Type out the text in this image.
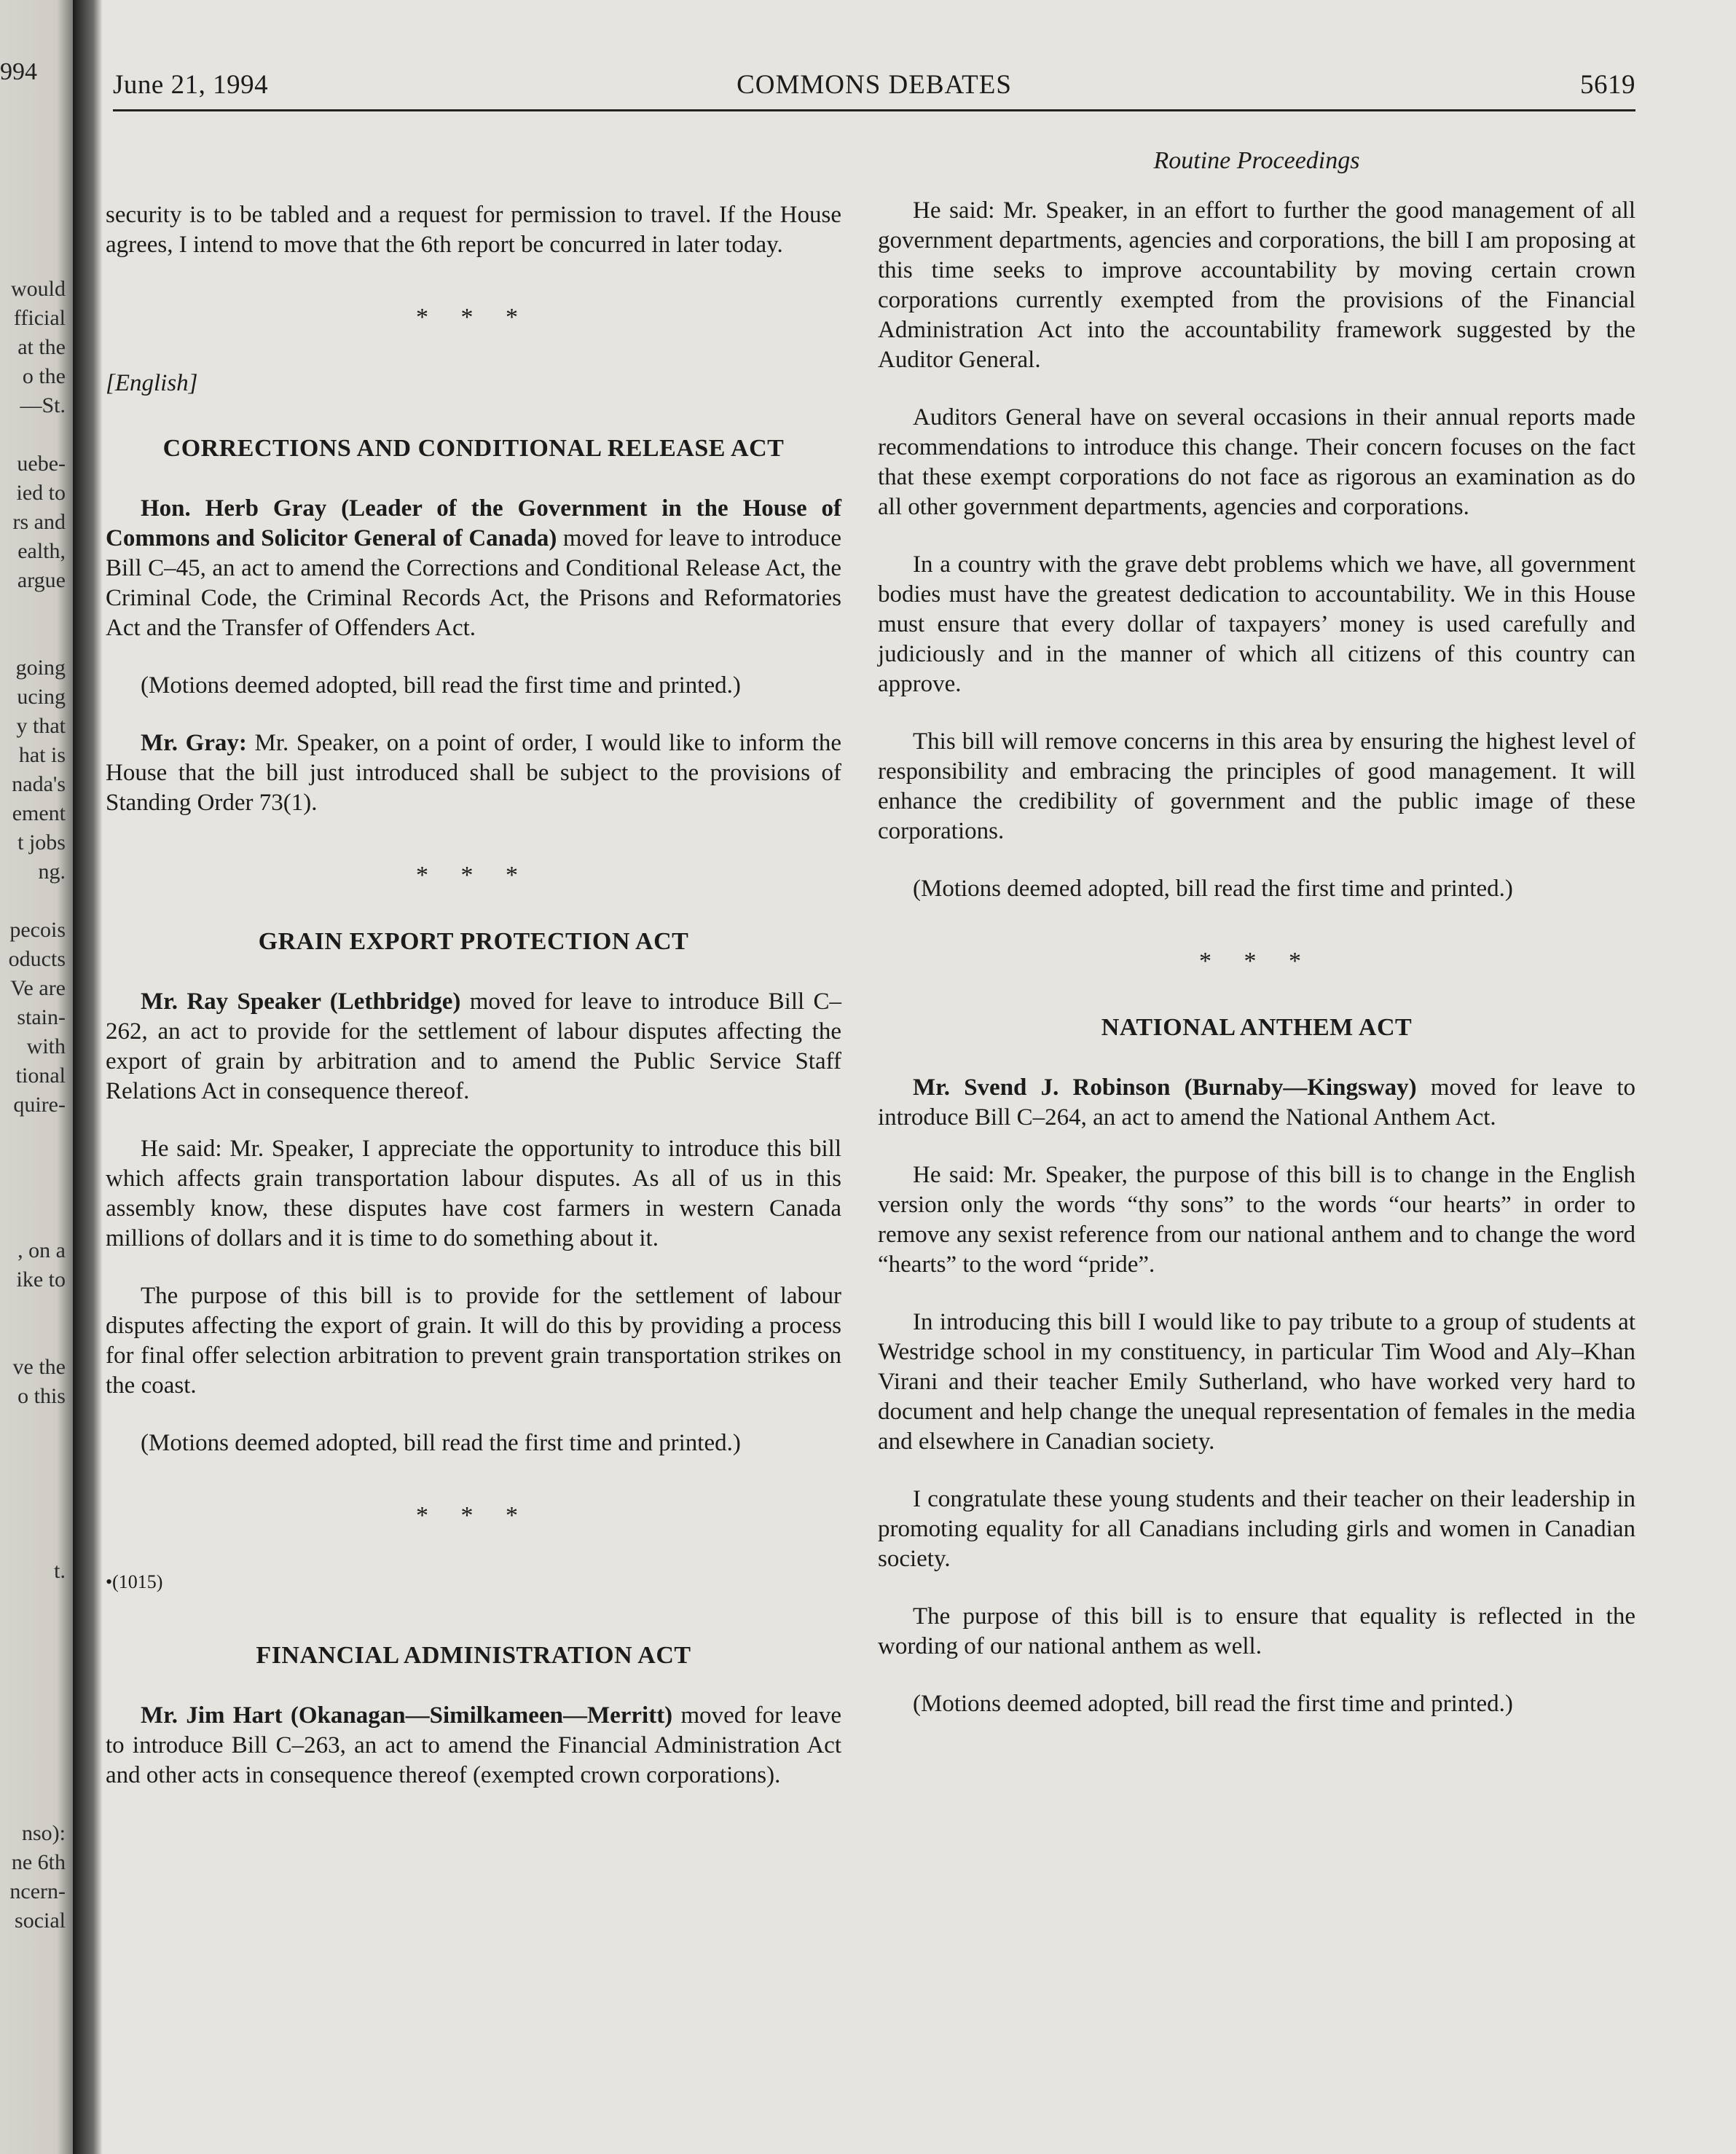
994
would
fficial
at the
o the
—St.
uebe-
ied to
rs and
ealth,
argue
going
ucing
y that
hat is
nada's
ement
t jobs
ng.
pecois
oducts
Ve are
stain-
with
tional
quire-
, on a
ike to
ve the
o this
t.
nso):
ne 6th
ncern-
social
June 21, 1994	COMMONS DEBATES	5619

security is to be tabled and a request for permission to travel. If the House agrees, I intend to move that the 6th report be concurred in later today.

* * *
[English]
CORRECTIONS AND CONDITIONAL RELEASE ACT

Hon. Herb Gray (Leader of the Government in the House of Commons and Solicitor General of Canada) moved for leave to introduce Bill C–45, an act to amend the Corrections and Conditional Release Act, the Criminal Code, the Criminal Records Act, the Prisons and Reformatories Act and the Transfer of Offenders Act.

(Motions deemed adopted, bill read the first time and printed.)

Mr. Gray: Mr. Speaker, on a point of order, I would like to inform the House that the bill just introduced shall be subject to the provisions of Standing Order 73(1).

* * *
GRAIN EXPORT PROTECTION ACT

Mr. Ray Speaker (Lethbridge) moved for leave to introduce Bill C–262, an act to provide for the settlement of labour disputes affecting the export of grain by arbitration and to amend the Public Service Staff Relations Act in consequence thereof.

He said: Mr. Speaker, I appreciate the opportunity to introduce this bill which affects grain transportation labour disputes. As all of us in this assembly know, these disputes have cost farmers in western Canada millions of dollars and it is time to do something about it.

The purpose of this bill is to provide for the settlement of labour disputes affecting the export of grain. It will do this by providing a process for final offer selection arbitration to prevent grain transportation strikes on the coast.

(Motions deemed adopted, bill read the first time and printed.)

* * *
•(1015)
FINANCIAL ADMINISTRATION ACT

Mr. Jim Hart (Okanagan—Similkameen—Merritt) moved for leave to introduce Bill C–263, an act to amend the Financial Administration Act and other acts in consequence thereof (exempted crown corporations).

Routine Proceedings

He said: Mr. Speaker, in an effort to further the good management of all government departments, agencies and corporations, the bill I am proposing at this time seeks to improve accountability by moving certain crown corporations currently exempted from the provisions of the Financial Administration Act into the accountability framework suggested by the Auditor General.

Auditors General have on several occasions in their annual reports made recommendations to introduce this change. Their concern focuses on the fact that these exempt corporations do not face as rigorous an examination as do all other government departments, agencies and corporations.

In a country with the grave debt problems which we have, all government bodies must have the greatest dedication to accountability. We in this House must ensure that every dollar of taxpayers’ money is used carefully and judiciously and in the manner of which all citizens of this country can approve.

This bill will remove concerns in this area by ensuring the highest level of responsibility and embracing the principles of good management. It will enhance the credibility of government and the public image of these corporations.

(Motions deemed adopted, bill read the first time and printed.)

* * *
NATIONAL ANTHEM ACT

Mr. Svend J. Robinson (Burnaby—Kingsway) moved for leave to introduce Bill C–264, an act to amend the National Anthem Act.

He said: Mr. Speaker, the purpose of this bill is to change in the English version only the words “thy sons” to the words “our hearts” in order to remove any sexist reference from our national anthem and to change the word “hearts” to the word “pride”.

In introducing this bill I would like to pay tribute to a group of students at Westridge school in my constituency, in particular Tim Wood and Aly–Khan Virani and their teacher Emily Sutherland, who have worked very hard to document and help change the unequal representation of females in the media and elsewhere in Canadian society.

I congratulate these young students and their teacher on their leadership in promoting equality for all Canadians including girls and women in Canadian society.

The purpose of this bill is to ensure that equality is reflected in the wording of our national anthem as well.

(Motions deemed adopted, bill read the first time and printed.)
